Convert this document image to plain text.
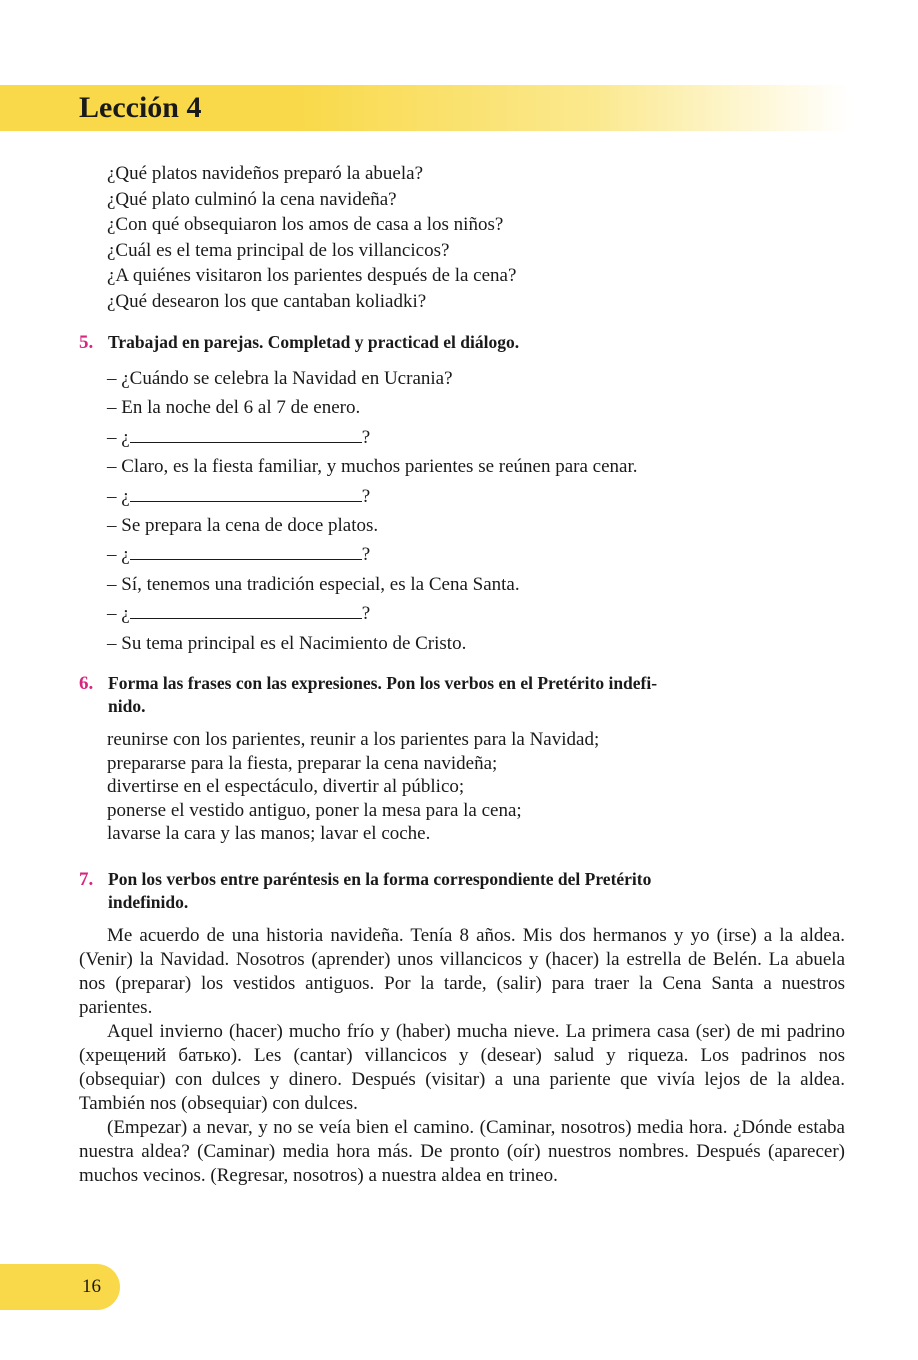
Lección 4
¿Qué platos navideños preparó la abuela?
¿Qué plato culminó la cena navideña?
¿Con qué obsequiaron los amos de casa a los niños?
¿Cuál es el tema principal de los villancicos?
¿A quiénes visitaron los parientes después de la cena?
¿Qué desearon los que cantaban koliadki?
5. Trabajad en parejas. Completad y practicad el diálogo.
– ¿Cuándo se celebra la Navidad en Ucrania?
– En la noche del 6 al 7 de enero.
– ¿	?
– Claro, es la fiesta familiar, y muchos parientes se reúnen para cenar.
– ¿	?
– Se prepara la cena de doce platos.
– ¿	?
– Sí, tenemos una tradición especial, es la Cena Santa.
– ¿	?
– Su tema principal es el Nacimiento de Cristo.
6. Forma las frases con las expresiones. Pon los verbos en el Pretérito indefi-
nido.
reunirse con los parientes, reunir a los parientes para la Navidad;
prepararse para la fiesta, preparar la cena navideña;
divertirse en el espectáculo, divertir al público;
ponerse el vestido antiguo, poner la mesa para la cena;
lavarse la cara y las manos; lavar el coche.
7. Pon los verbos entre paréntesis en la forma correspondiente del Pretérito
indefinido.

Me acuerdo de una historia navideña. Tenía 8 años. Mis dos hermanos y yo (irse) a la aldea. (Venir) la Navidad. Nosotros (aprender) unos villancicos y (hacer) la estrella de Belén. La abuela nos (preparar) los vestidos antiguos. Por la tarde, (salir) para traer la Cena Santa a nuestros parientes.

Aquel invierno (hacer) mucho frío y (haber) mucha nieve. La primera casa (ser) de mi padrino (хрещений батько). Les (cantar) villancicos y (desear) salud y riqueza. Los padrinos nos (obsequiar) con dulces y dinero. Después (visitar) a una pariente que vivía lejos de la aldea. También nos (obsequiar) con dulces.

(Empezar) a nevar, y no se veía bien el camino. (Caminar, nosotros) media hora. ¿Dónde estaba nuestra aldea? (Caminar) media hora más. De pronto (oír) nuestros nombres. Después (aparecer) muchos vecinos. (Regresar, nosotros) a nuestra aldea en trineo.

16
